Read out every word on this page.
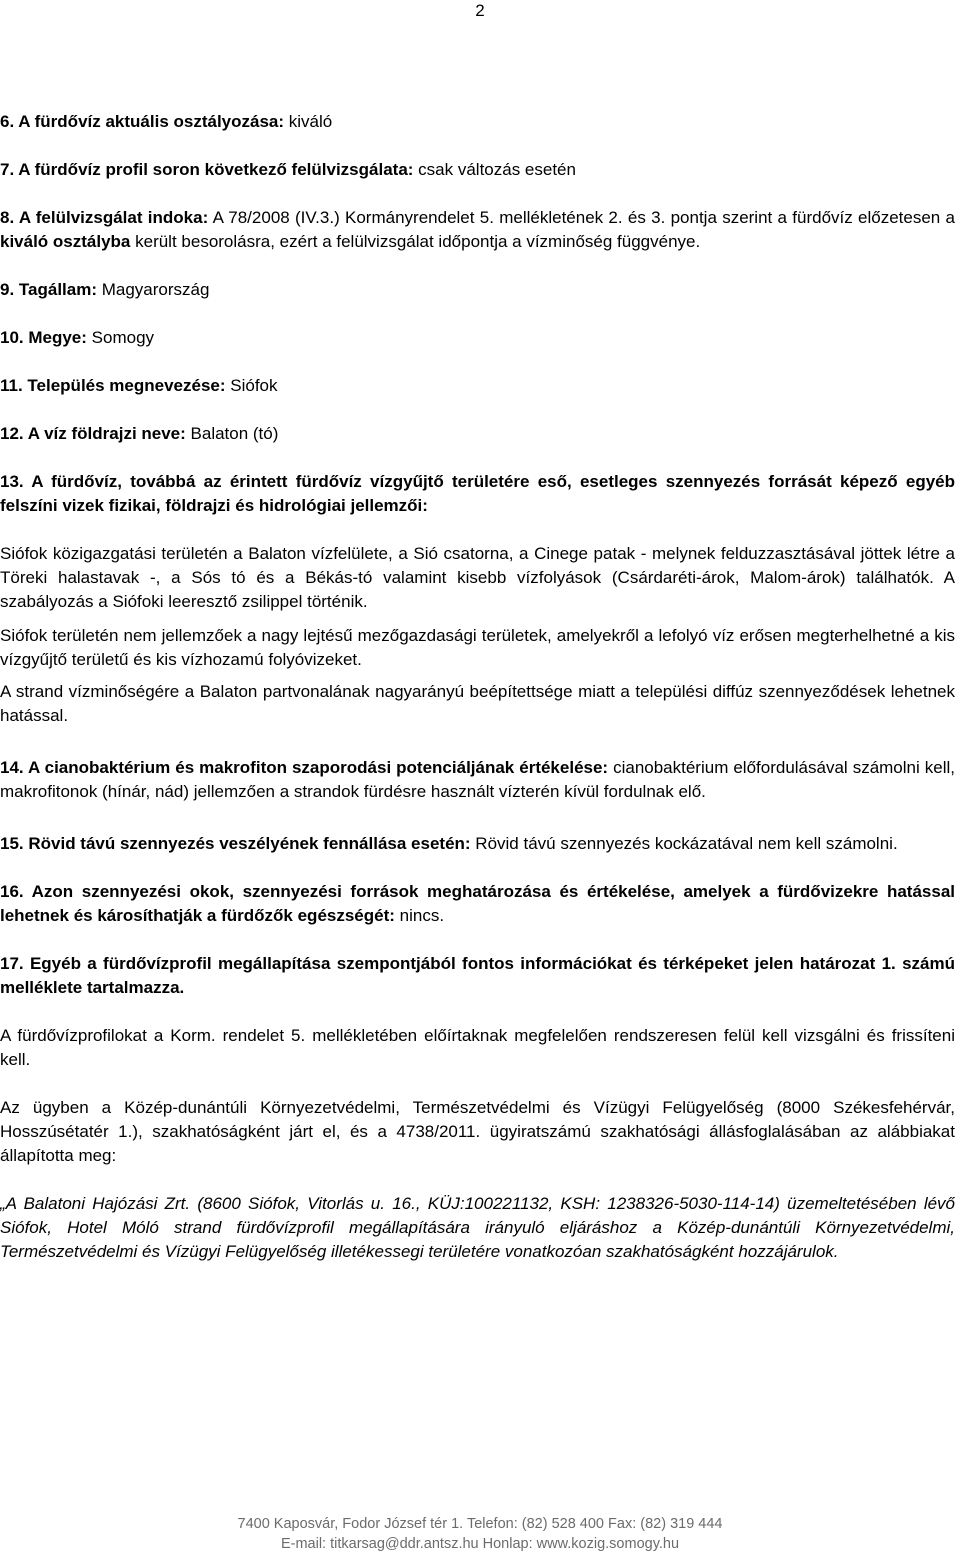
2

6. A fürdővíz aktuális osztályozása: kiváló

7. A fürdővíz profil soron következő felülvizsgálata: csak változás esetén

8. A felülvizsgálat indoka: A 78/2008 (IV.3.) Kormányrendelet 5. mellékletének 2. és 3. pontja szerint a fürdővíz előzetesen a kiváló osztályba került besorolásra, ezért a felülvizsgálat időpontja a vízminőség függvénye.

9. Tagállam: Magyarország

10. Megye: Somogy

11. Település megnevezése: Siófok

12. A víz földrajzi neve: Balaton (tó)

13. A fürdővíz, továbbá az érintett fürdővíz vízgyűjtő területére eső, esetleges szennyezés forrását képező egyéb felszíni vizek fizikai, földrajzi és hidrológiai jellemzői:

Siófok közigazgatási területén a Balaton vízfelülete, a Sió csatorna, a Cinege patak - melynek felduzzasztásával jöttek létre a Töreki halastavak -, a Sós tó és a Békás-tó valamint kisebb vízfolyások (Csárdaréti-árok, Malom-árok) találhatók. A szabályozás a Siófoki leeresztő zsilippel történik.

Siófok területén nem jellemzőek a nagy lejtésű mezőgazdasági területek, amelyekről a lefolyó víz erősen megterhelhetné a kis vízgyűjtő területű és kis vízhozamú folyóvizeket.

A strand vízminőségére a Balaton partvonalának nagyarányú beépítettsége miatt a települési diffúz szennyeződések lehetnek hatással.

14. A cianobaktérium és makrofiton szaporodási potenciáljának értékelése: cianobaktérium előfordulásával számolni kell, makrofitonok (hínár, nád) jellemzően a strandok fürdésre használt vízterén kívül fordulnak elő.

15. Rövid távú szennyezés veszélyének fennállása esetén: Rövid távú szennyezés kockázatával nem kell számolni.

16. Azon szennyezési okok, szennyezési források meghatározása és értékelése, amelyek a fürdővizekre hatással lehetnek és károsíthatják a fürdőzők egészségét: nincs.

17. Egyéb a fürdővízprofil megállapítása szempontjából fontos információkat és térképeket jelen határozat 1. számú melléklete tartalmazza.

A fürdővízprofilokat a Korm. rendelet 5. mellékletében előírtaknak megfelelően rendszeresen felül kell vizsgálni és frissíteni kell.

Az ügyben a Közép-dunántúli Környezetvédelmi, Természetvédelmi és Vízügyi Felügyelőség (8000 Székesfehérvár, Hosszúsétatér 1.), szakhatóságként járt el, és a 4738/2011. ügyiratszámú szakhatósági állásfoglalásában az alábbiakat állapította meg:

„A Balatoni Hajózási Zrt. (8600 Siófok, Vitorlás u. 16., KÜJ:100221132, KSH: 1238326-5030-114-14) üzemeltetésében lévő Siófok, Hotel Móló strand fürdővízprofil megállapítására irányuló eljáráshoz a Közép-dunántúli Környezetvédelmi, Természetvédelmi és Vízügyi Felügyelőség illetékessegi területére vonatkozóan szakhatóságként hozzájárulok.

7400 Kaposvár, Fodor József tér 1. Telefon: (82) 528 400 Fax: (82) 319 444
E-mail: titkarsag@ddr.antsz.hu Honlap: www.kozig.somogy.hu
